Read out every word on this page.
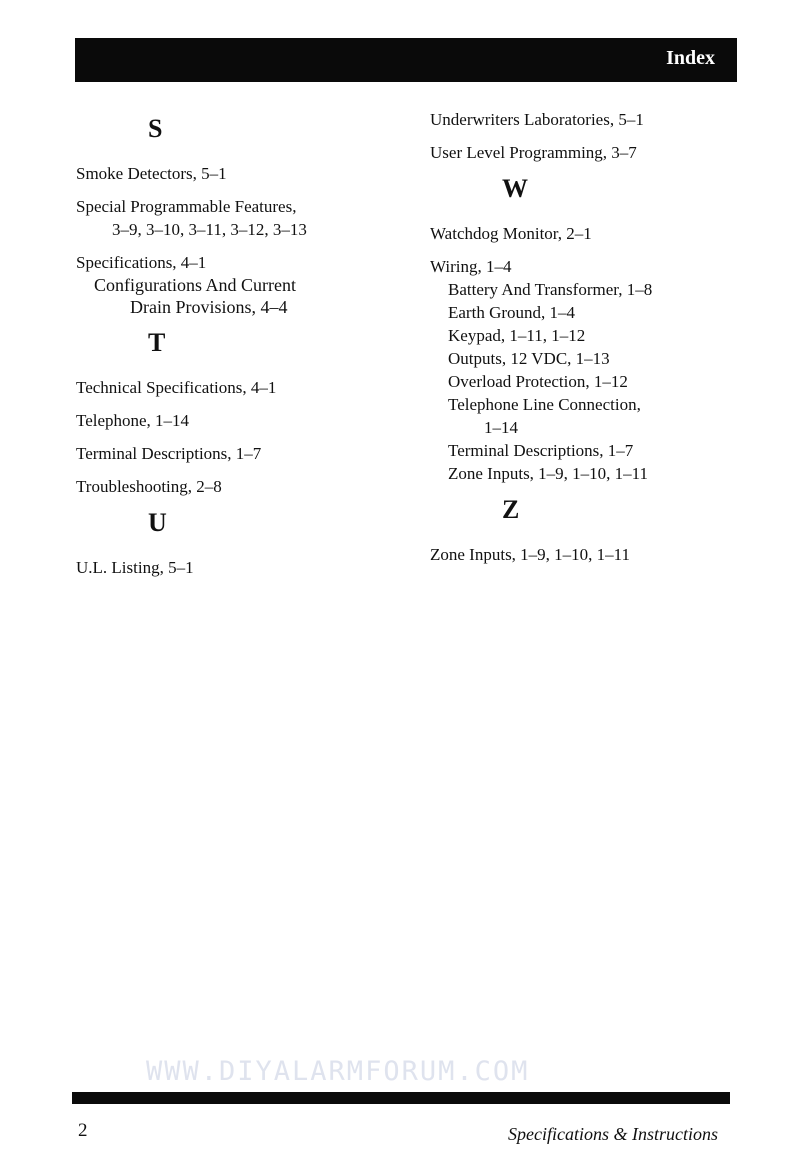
Index
S
Smoke Detectors, 5–1
Special Programmable Features,
3–9, 3–10, 3–11, 3–12, 3–13
Specifications, 4–1
Configurations And Current
Drain Provisions, 4–4
T
Technical Specifications, 4–1
Telephone, 1–14
Terminal Descriptions, 1–7
Troubleshooting, 2–8
U
U.L. Listing, 5–1
Underwriters Laboratories, 5–1
User Level Programming, 3–7
W
Watchdog Monitor, 2–1
Wiring, 1–4
Battery And Transformer, 1–8
Earth Ground, 1–4
Keypad, 1–11, 1–12
Outputs, 12 VDC, 1–13
Overload Protection, 1–12
Telephone Line Connection,
1–14
Terminal Descriptions, 1–7
Zone Inputs, 1–9, 1–10, 1–11
Z
Zone Inputs, 1–9, 1–10, 1–11
WWW.DIYALARMFORUM.COM
2	Specifications & Instructions
